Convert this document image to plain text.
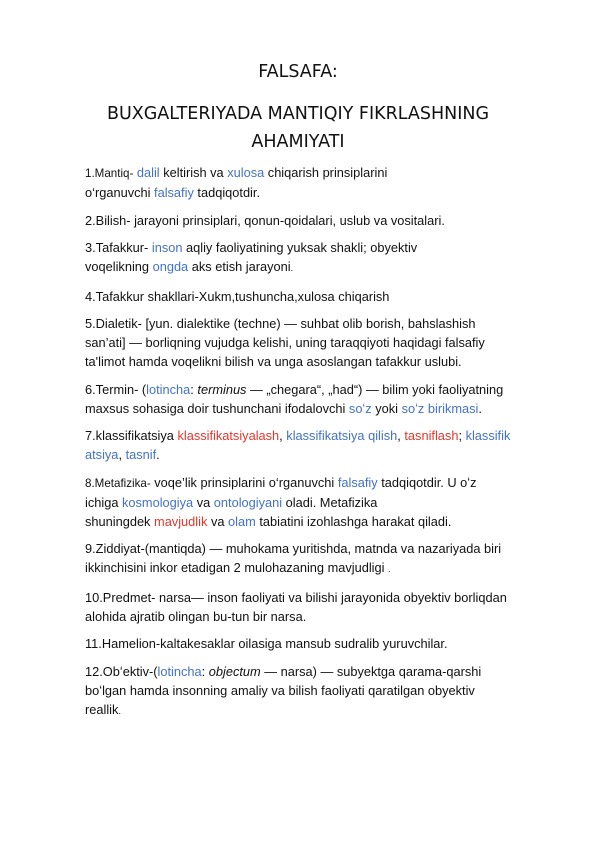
FALSAFA:
BUXGALTERIYADA MANTIQIY FIKRLASHNING
AHAMIYATI
1.Mantiq- dalil keltirish va xulosa chiqarish prinsiplarini
o‘rganuvchi falsafiy tadqiqotdir.
2.Bilish- jarayoni prinsiplari, qonun-qoidalari, uslub va vositalari.
3.Tafakkur- inson aqliy faoliyatining yuksak shakli; obyektiv
voqelikning ongda aks etish jarayoni.
4.Tafakkur shakllari-Xukm,tushuncha,xulosa chiqarish
5.Dialetik- [yun. dialektike (techne) — suhbat olib borish, bahslashish
san’ati] — borliqning vujudga kelishi, uning taraqqiyoti haqidagi falsafiy
ta'limot hamda voqelikni bilish va unga asoslangan tafakkur uslubi.
6.Termin- (lotincha: terminus — „chegara“, „had“) — bilim yoki faoliyatning
maxsus sohasiga doir tushunchani ifodalovchi soʻz yoki soʻz birikmasi.
7.klassifikatsiya klassifikatsiyalash, klassifikatsiya qilish, tasniflash; klassifik
atsiya, tasnif.
8.Metafizika- voqe’lik prinsiplarini o‘rganuvchi falsafiy tadqiqotdir. U oʻz
ichiga kosmologiya va ontologiyani oladi. Metafizika
shuningdek mavjudlik va olam tabiatini izohlashga harakat qiladi.
9.Ziddiyat-(mantiqda) — muhokama yuritishda, matnda va nazariyada biri
ikkinchisini inkor etadigan 2 mulohazaning mavjudligi .
10.Predmet- narsa— inson faoliyati va bilishi jarayonida obyektiv borliqdan
alohida ajratib olingan bu-tun bir narsa.
11.Hamelion-kaltakesaklar oilasiga mansub sudralib yuruvchilar.
12.Obʻektiv-(lotincha: objectum — narsa) — subyektga qarama-qarshi
boʻlgan hamda insonning amaliy va bilish faoliyati qaratilgan obyektiv
reallik.
